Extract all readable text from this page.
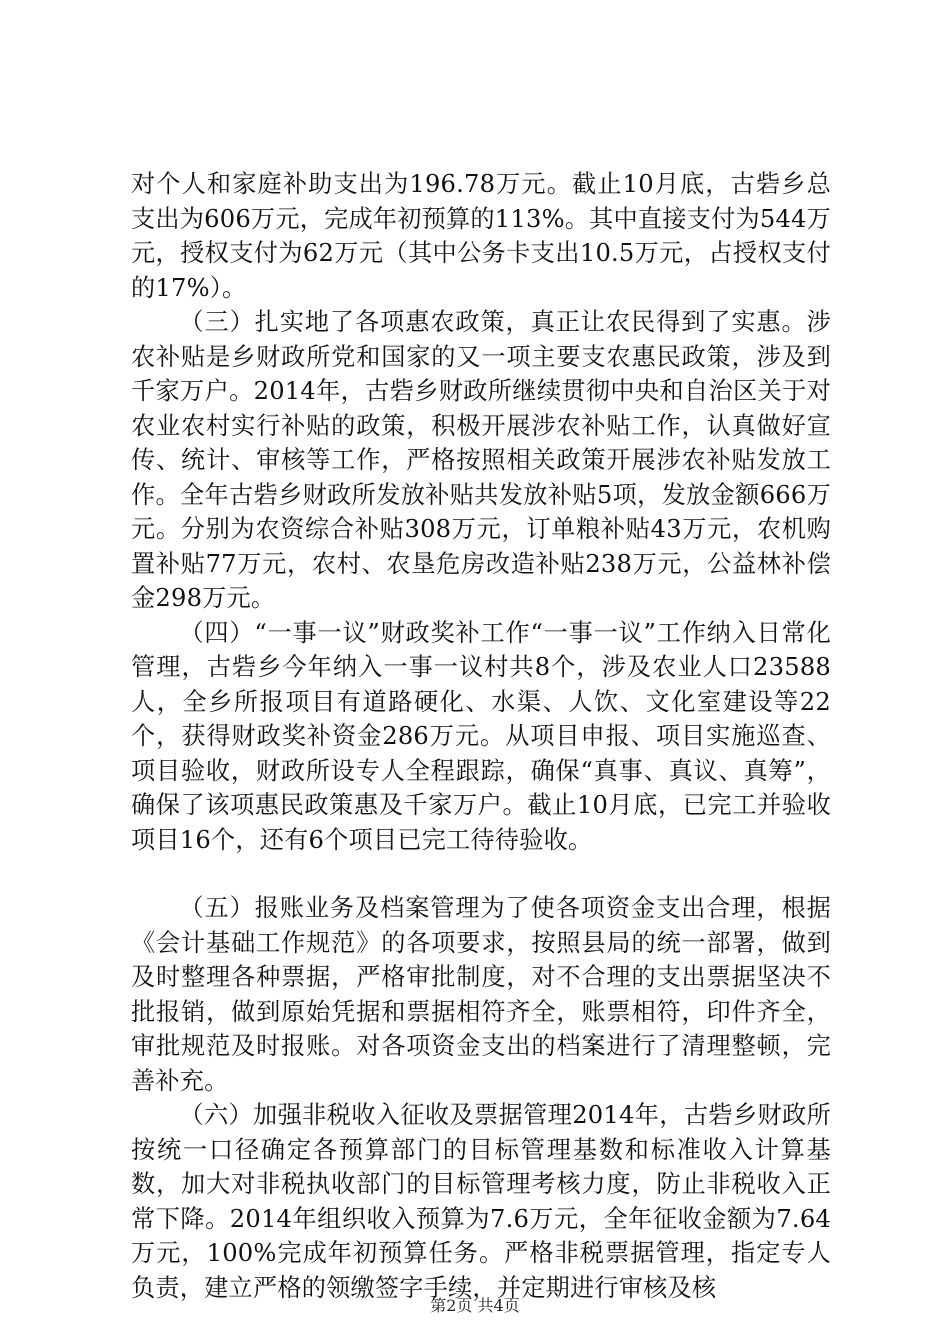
对个人和家庭补助支出为196.78万元。截止10月底，古砦乡总支出为606万元，完成年初预算的113%。其中直接支付为544万元，授权支付为62万元（其中公务卡支出10.5万元，占授权支付的17%）。

（三）扎实地了各项惠农政策，真正让农民得到了实惠。涉农补贴是乡财政所党和国家的又一项主要支农惠民政策，涉及到千家万户。2014年，古砦乡财政所继续贯彻中央和自治区关于对农业农村实行补贴的政策，积极开展涉农补贴工作，认真做好宣传、统计、审核等工作，严格按照相关政策开展涉农补贴发放工作。全年古砦乡财政所发放补贴共发放补贴5项，发放金额666万元。分别为农资综合补贴308万元，订单粮补贴43万元，农机购置补贴77万元，农村、农垦危房改造补贴238万元，公益林补偿金298万元。

（四）“一事一议”财政奖补工作“一事一议”工作纳入日常化管理，古砦乡今年纳入一事一议村共8个，涉及农业人口23588人，全乡所报项目有道路硬化、水渠、人饮、文化室建设等22个，获得财政奖补资金286万元。从项目申报、项目实施巡查、项目验收，财政所设专人全程跟踪，确保“真事、真议、真筹”，确保了该项惠民政策惠及千家万户。截止10月底，已完工并验收项目16个，还有6个项目已完工待待验收。

（五）报账业务及档案管理为了使各项资金支出合理，根据《会计基础工作规范》的各项要求，按照县局的统一部署，做到及时整理各种票据，严格审批制度，对不合理的支出票据坚决不批报销，做到原始凭据和票据相符齐全，账票相符，印件齐全，审批规范及时报账。对各项资金支出的档案进行了清理整顿，完善补充。

（六）加强非税收入征收及票据管理2014年，古砦乡财政所按统一口径确定各预算部门的目标管理基数和标准收入计算基数，加大对非税执收部门的目标管理考核力度，防止非税收入正常下降。2014年组织收入预算为7.6万元，全年征收金额为7.64万元，100%完成年初预算任务。严格非税票据管理，指定专人负责，建立严格的领缴签字手续，并定期进行审核及核

第2页 共4页
